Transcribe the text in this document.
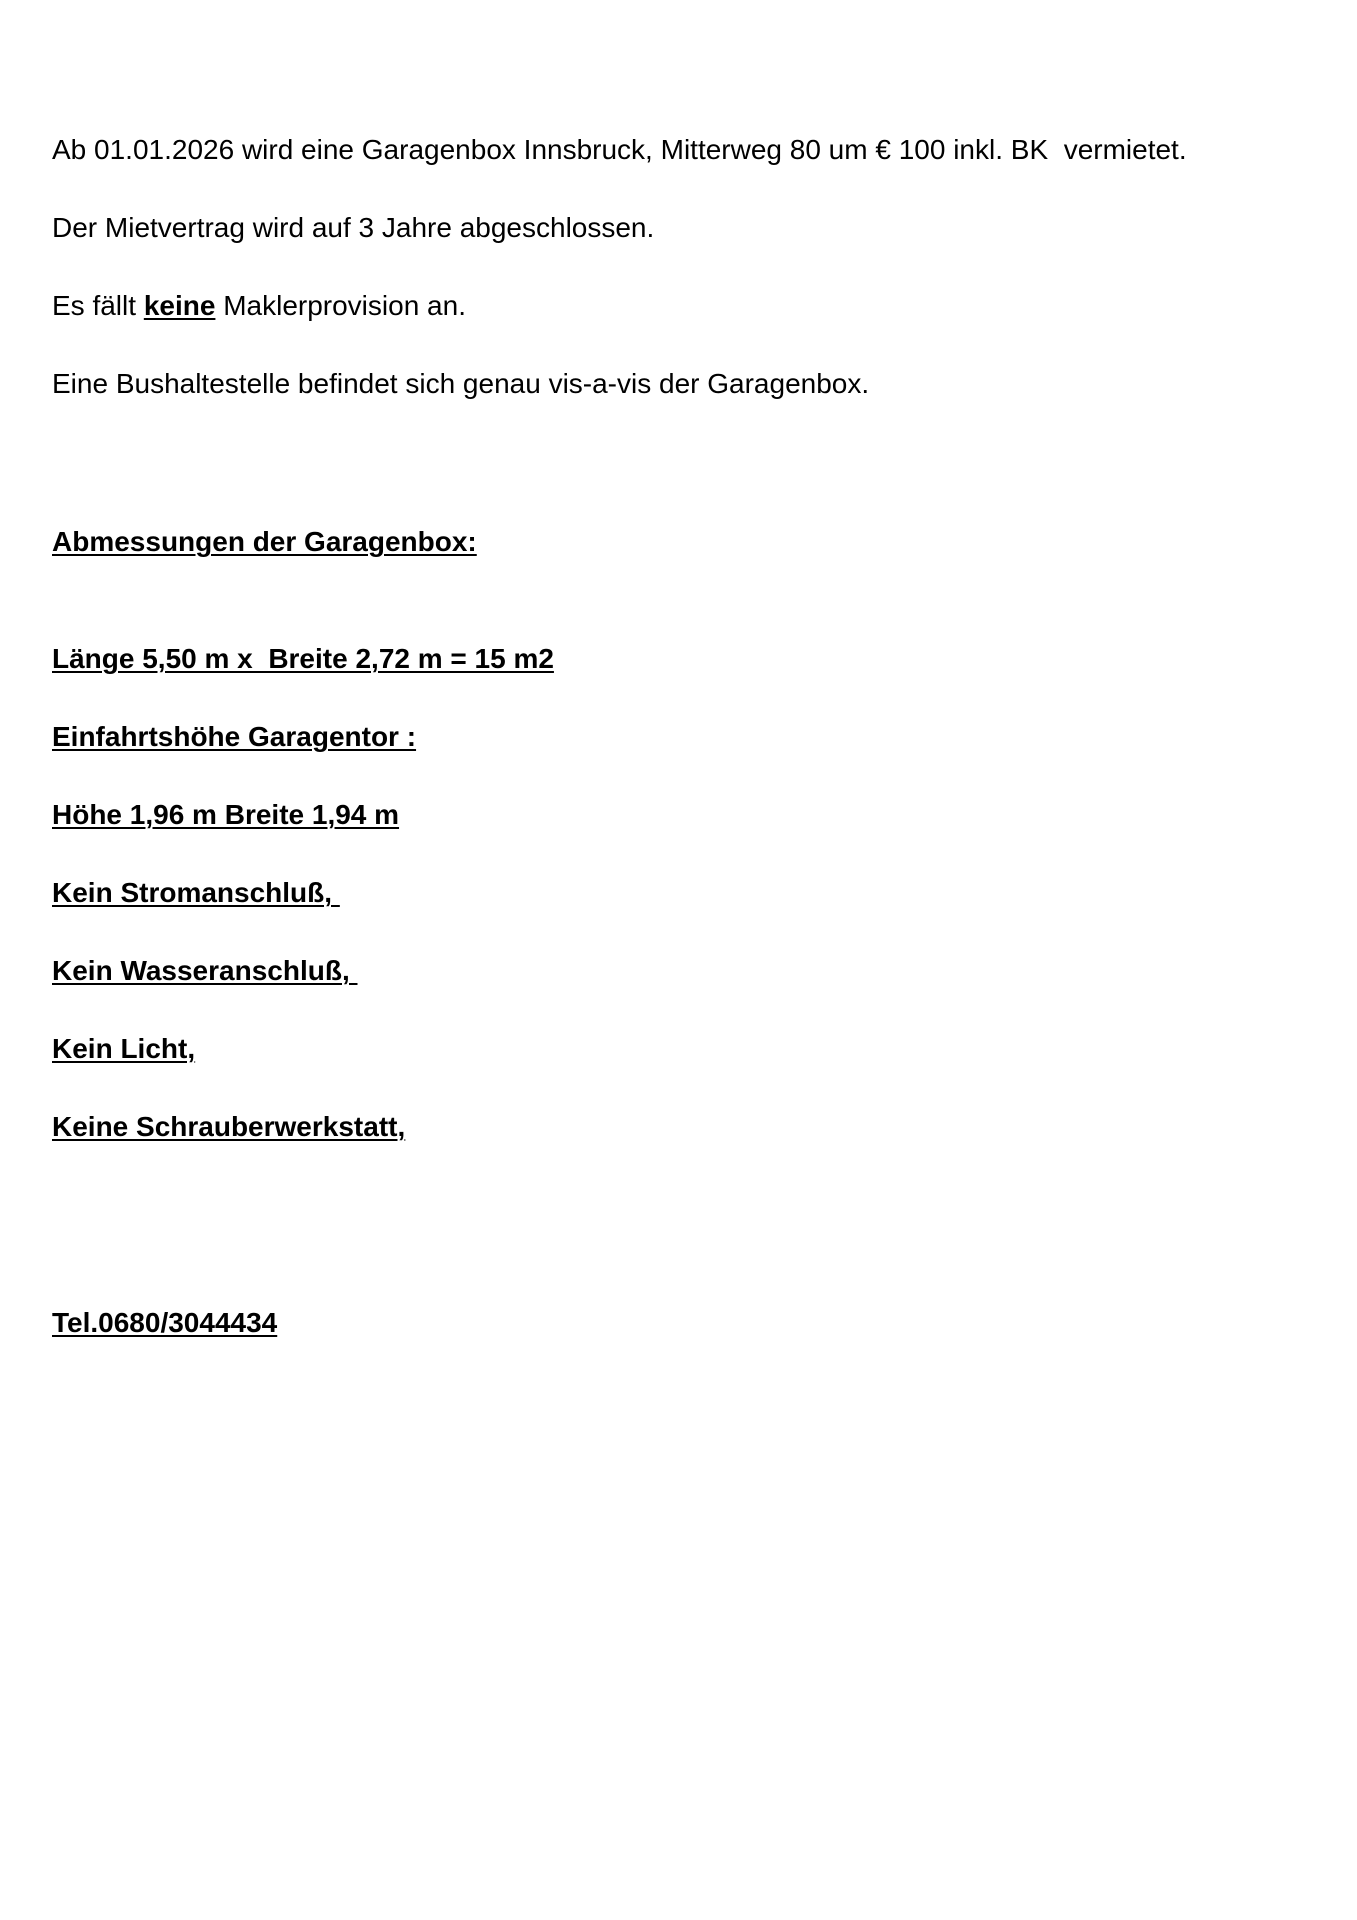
Ab 01.01.2026 wird eine Garagenbox Innsbruck, Mitterweg 80 um € 100 inkl. BK  vermietet.

Der Mietvertrag wird auf 3 Jahre abgeschlossen.

Es fällt keine Maklerprovision an.

Eine Bushaltestelle befindet sich genau vis-a-vis der Garagenbox.

Abmessungen der Garagenbox:

Länge 5,50 m x  Breite 2,72 m = 15 m2

Einfahrtshöhe Garagentor :

Höhe 1,96 m Breite 1,94 m

Kein Stromanschluß,

Kein Wasseranschluß,

Kein Licht,

Keine Schrauberwerkstatt,

Tel.0680/3044434
